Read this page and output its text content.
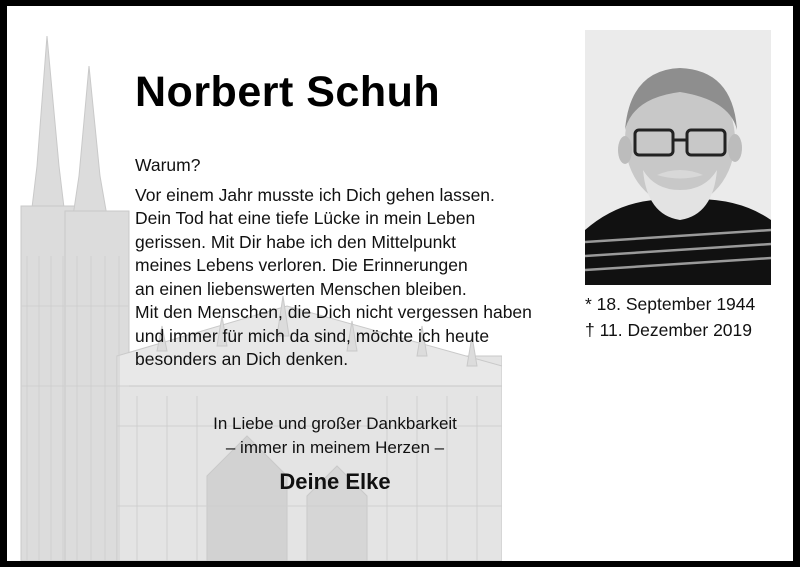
Norbert Schuh
Warum?
Vor einem Jahr musste ich Dich gehen lassen.
Dein Tod hat eine tiefe Lücke in mein Leben
gerissen. Mit Dir habe ich den Mittelpunkt
meines Lebens verloren. Die Erinnerungen
an einen liebenswerten Menschen bleiben.
Mit den Menschen, die Dich nicht vergessen haben
und immer für mich da sind, möchte ich heute
besonders an Dich denken.
In Liebe und großer Dankbarkeit
– immer in meinem Herzen –
Deine Elke
* 18. September 1944
† 11. Dezember 2019
